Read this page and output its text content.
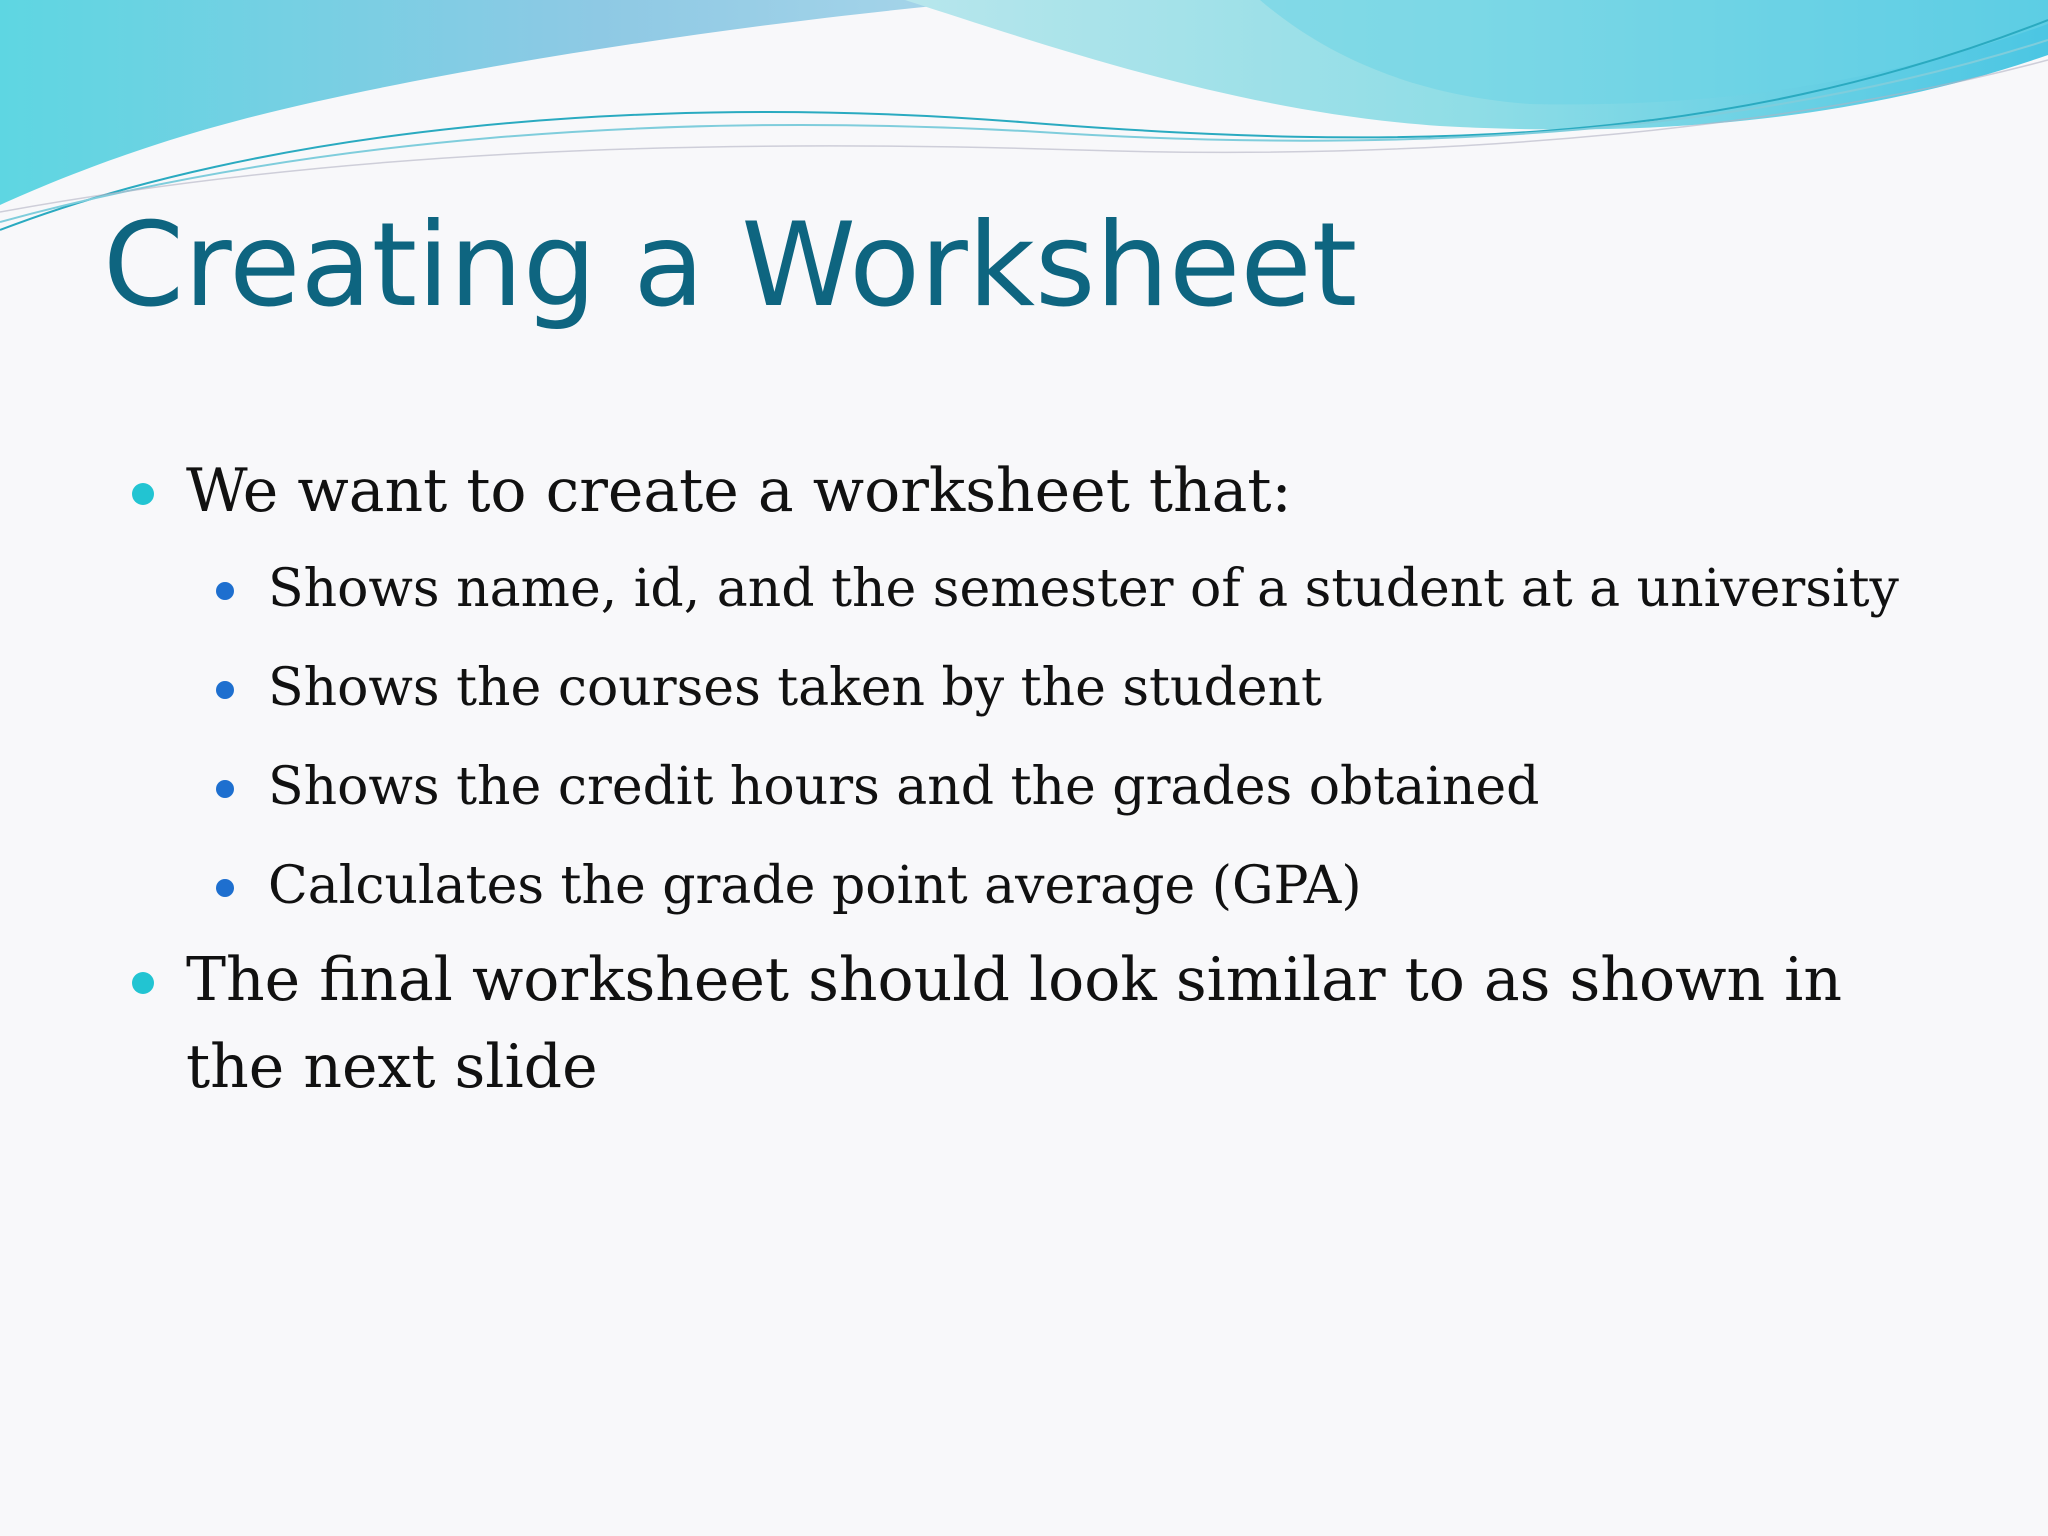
Creating a Worksheet
We want to create a worksheet that:
Shows name, id, and the semester of a student at a university
Shows the courses taken by the student
Shows the credit hours and the grades obtained
Calculates the grade point average (GPA)
The final worksheet should look similar to as shown in the next slide
